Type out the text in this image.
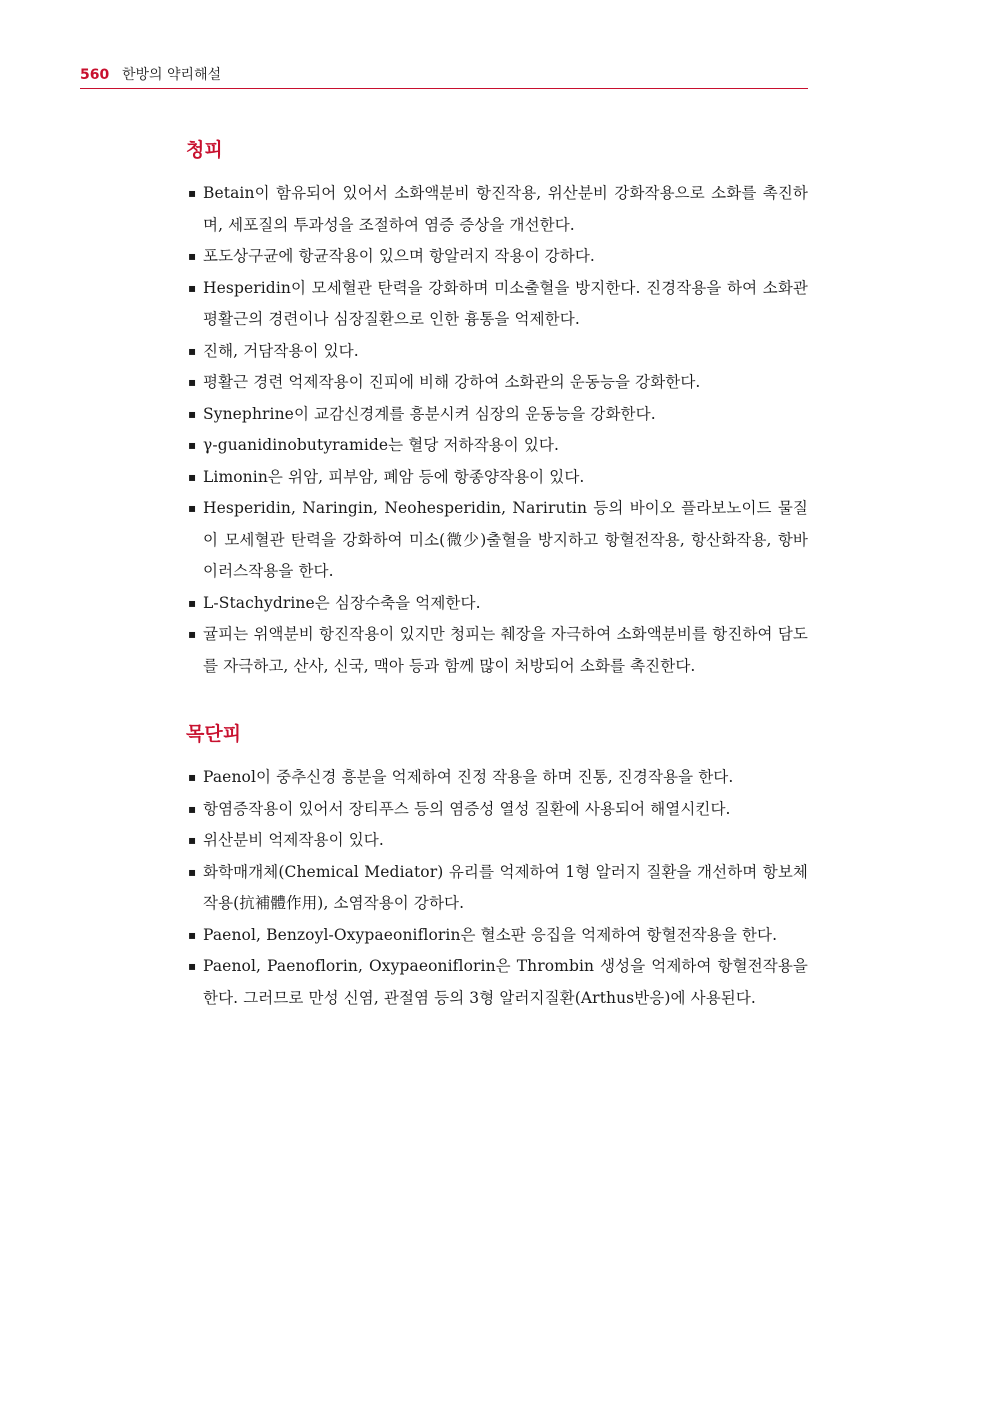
560 한방의 약리해설
청피
▪ Betain이 함유되어 있어서 소화액분비 항진작용, 위산분비 강화작용으로 소화를 촉진하며, 세포질의 투과성을 조절하여 염증 증상을 개선한다.
▪ 포도상구균에 항균작용이 있으며 항알러지 작용이 강하다.
▪ Hesperidin이 모세혈관 탄력을 강화하며 미소출혈을 방지한다. 진경작용을 하여 소화관 평활근의 경련이나 심장질환으로 인한 흉통을 억제한다.
▪ 진해, 거담작용이 있다.
▪ 평활근 경련 억제작용이 진피에 비해 강하여 소화관의 운동능을 강화한다.
▪ Synephrine이 교감신경계를 흥분시켜 심장의 운동능을 강화한다.
▪ γ-guanidinobutyramide는 혈당 저하작용이 있다.
▪ Limonin은 위암, 피부암, 폐암 등에 항종양작용이 있다.
▪ Hesperidin, Naringin, Neohesperidin, Narirutin 등의 바이오 플라보노이드 물질이 모세혈관 탄력을 강화하여 미소(微少)출혈을 방지하고 항혈전작용, 항산화작용, 항바이러스작용을 한다.
▪ L-Stachydrine은 심장수축을 억제한다.
▪ 귤피는 위액분비 항진작용이 있지만 청피는 췌장을 자극하여 소화액분비를 항진하여 담도를 자극하고, 산사, 신국, 맥아 등과 함께 많이 처방되어 소화를 촉진한다.
목단피
▪ Paenol이 중추신경 흥분을 억제하여 진정 작용을 하며 진통, 진경작용을 한다.
▪ 항염증작용이 있어서 장티푸스 등의 염증성 열성 질환에 사용되어 해열시킨다.
▪ 위산분비 억제작용이 있다.
▪ 화학매개체(Chemical Mediator) 유리를 억제하여 1형 알러지 질환을 개선하며 항보체작용(抗補體作用), 소염작용이 강하다.
▪ Paenol, Benzoyl-Oxypaeoniflorin은 혈소판 응집을 억제하여 항혈전작용을 한다.
▪ Paenol, Paenoflorin, Oxypaeoniflorin은 Thrombin 생성을 억제하여 항혈전작용을 한다. 그러므로 만성 신염, 관절염 등의 3형 알러지질환(Arthus반응)에 사용된다.
